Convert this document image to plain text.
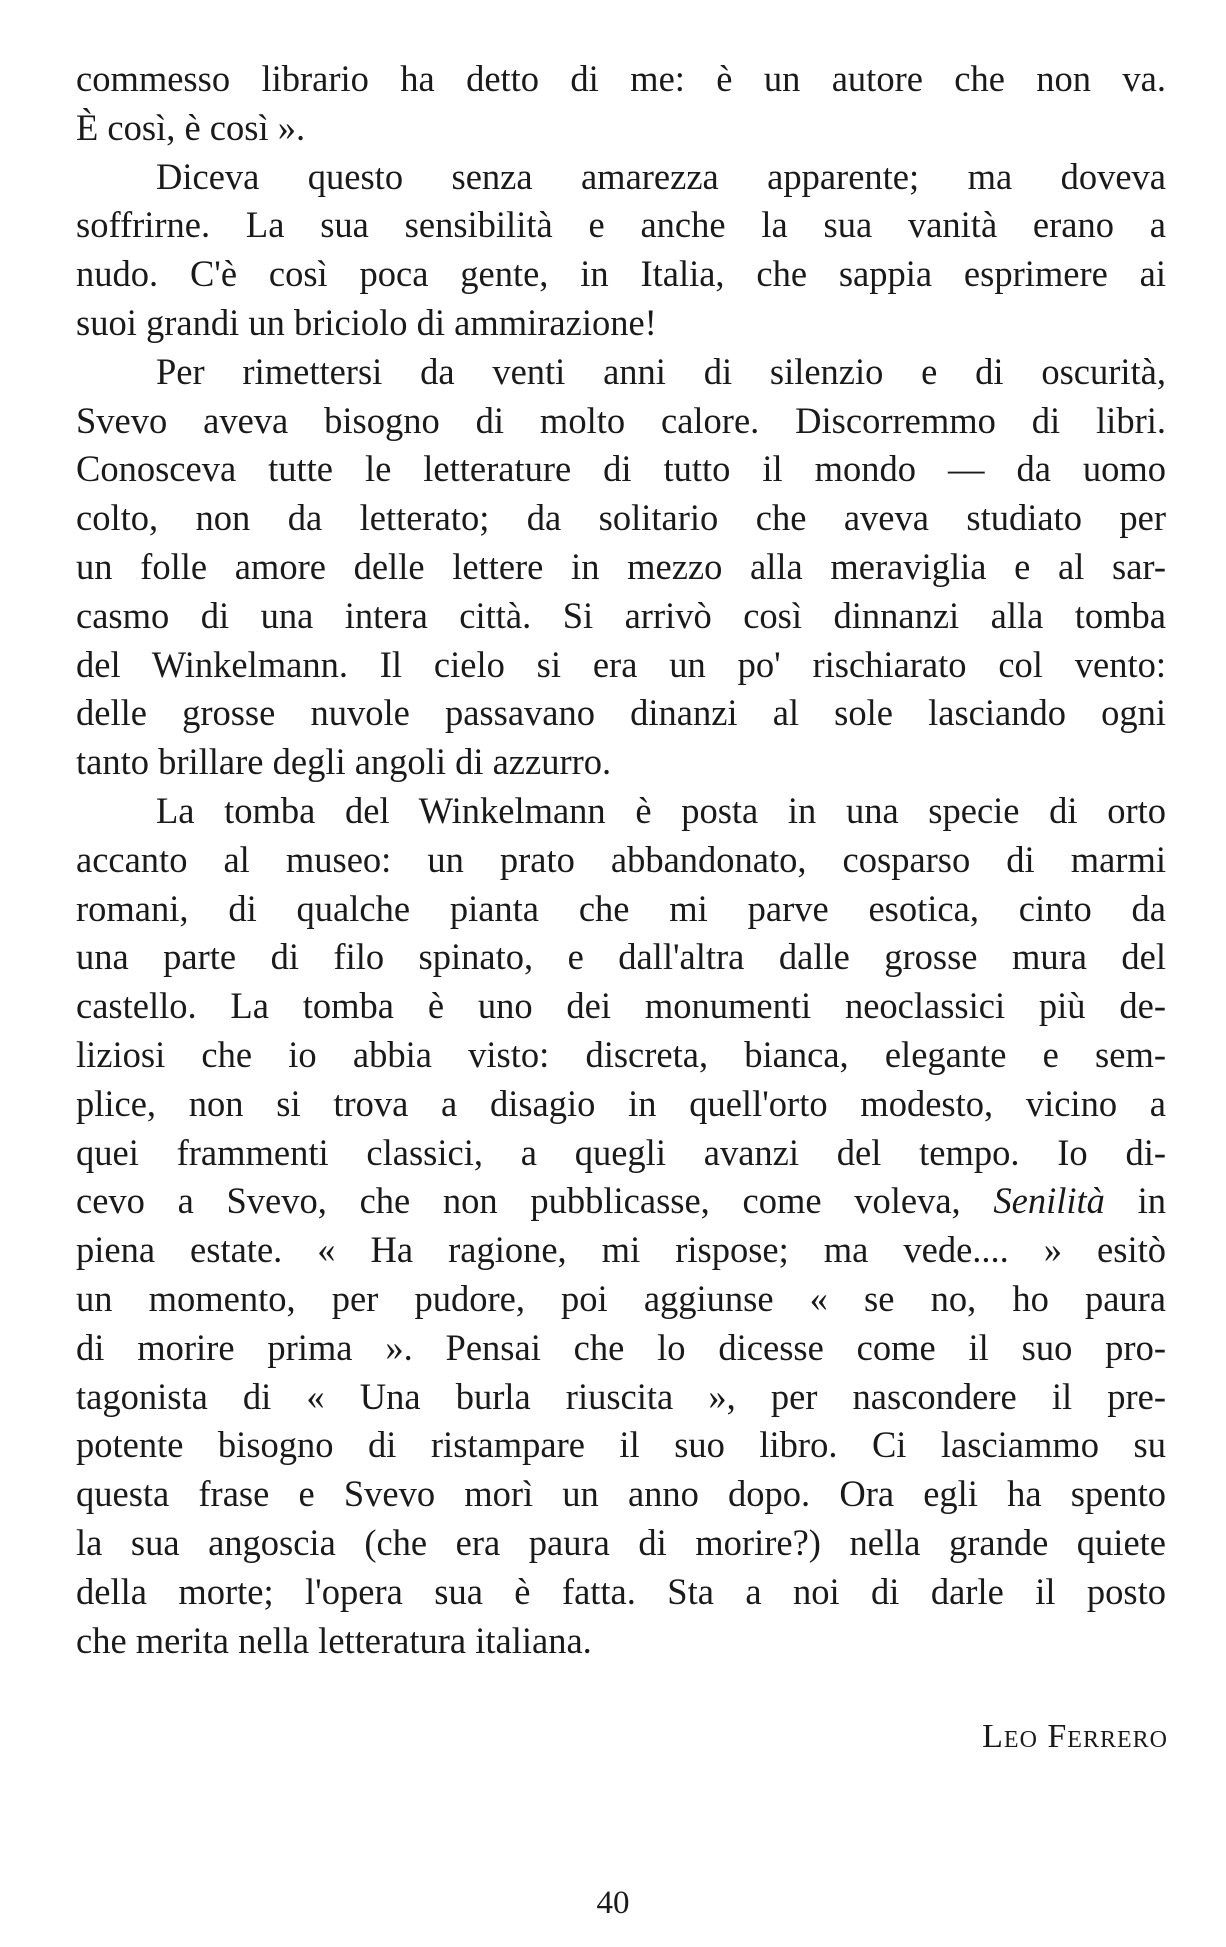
commesso librario ha detto di me: è un autore che non va.
È così, è così ».
Diceva questo senza amarezza apparente; ma doveva
soffrirne. La sua sensibilità e anche la sua vanità erano a
nudo. C'è così poca gente, in Italia, che sappia esprimere ai
suoi grandi un briciolo di ammirazione!
Per rimettersi da venti anni di silenzio e di oscurità,
Svevo aveva bisogno di molto calore. Discorremmo di libri.
Conosceva tutte le letterature di tutto il mondo — da uomo
colto, non da letterato; da solitario che aveva studiato per
un folle amore delle lettere in mezzo alla meraviglia e al sar-
casmo di una intera città. Si arrivò così dinnanzi alla tomba
del Winkelmann. Il cielo si era un po' rischiarato col vento:
delle grosse nuvole passavano dinanzi al sole lasciando ogni
tanto brillare degli angoli di azzurro.
La tomba del Winkelmann è posta in una specie di orto
accanto al museo: un prato abbandonato, cosparso di marmi
romani, di qualche pianta che mi parve esotica, cinto da
una parte di filo spinato, e dall'altra dalle grosse mura del
castello. La tomba è uno dei monumenti neoclassici più de-
liziosi che io abbia visto: discreta, bianca, elegante e sem-
plice, non si trova a disagio in quell'orto modesto, vicino a
quei frammenti classici, a quegli avanzi del tempo. Io di-
cevo a Svevo, che non pubblicasse, come voleva, Senilità in
piena estate. « Ha ragione, mi rispose; ma vede.... » esitò
un momento, per pudore, poi aggiunse « se no, ho paura
di morire prima ». Pensai che lo dicesse come il suo pro-
tagonista di « Una burla riuscita », per nascondere il pre-
potente bisogno di ristampare il suo libro. Ci lasciammo su
questa frase e Svevo morì un anno dopo. Ora egli ha spento
la sua angoscia (che era paura di morire?) nella grande quiete
della morte; l'opera sua è fatta. Sta a noi di darle il posto
che merita nella letteratura italiana.
Leo Ferrero
40
